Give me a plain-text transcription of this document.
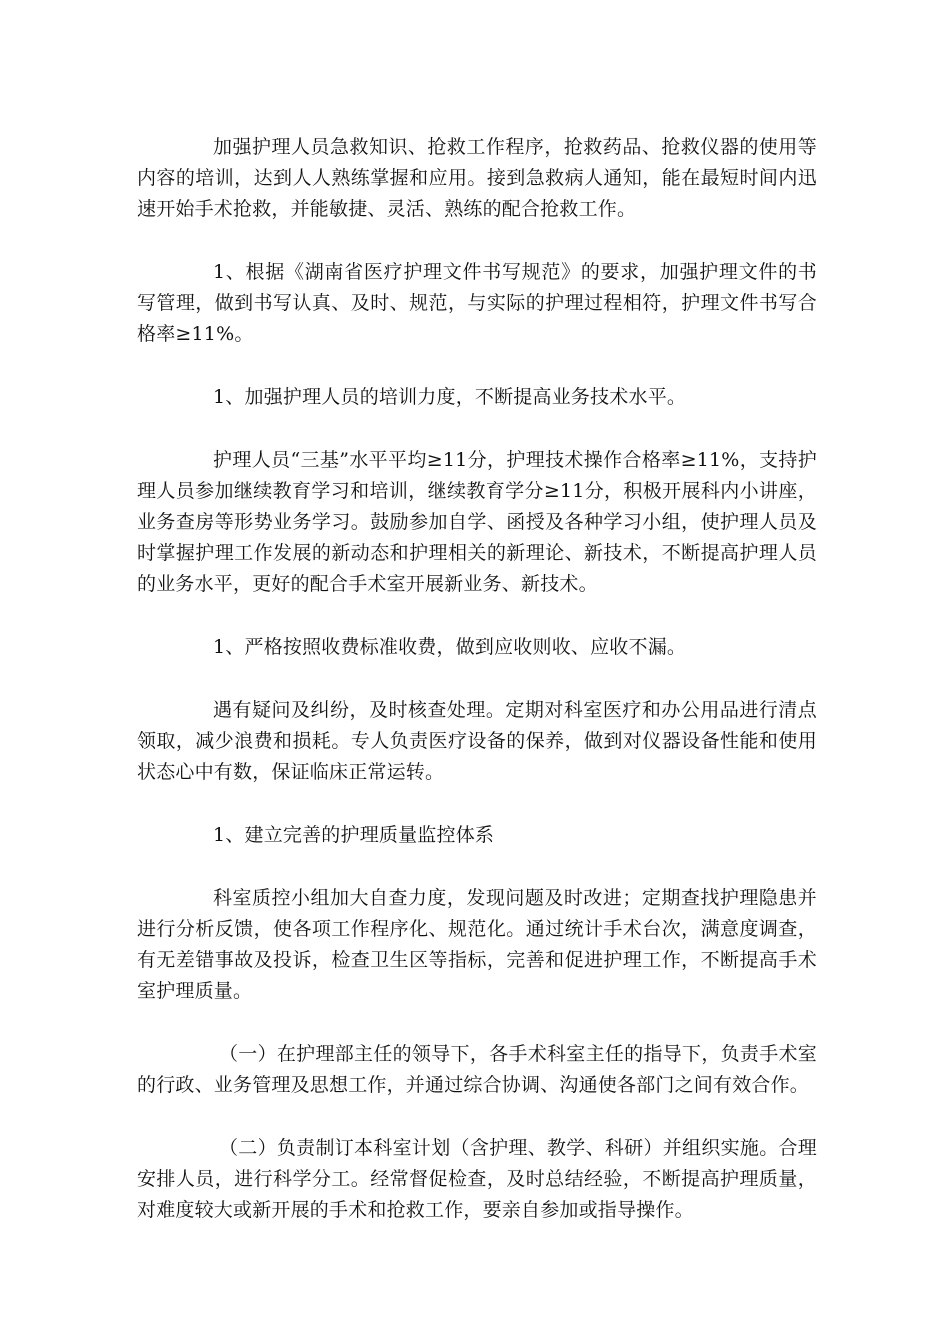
加强护理人员急救知识、抢救工作程序，抢救药品、抢救仪器的使用等内容的培训，达到人人熟练掌握和应用。接到急救病人通知，能在最短时间内迅速开始手术抢救，并能敏捷、灵活、熟练的配合抢救工作。

1、根据《湖南省医疗护理文件书写规范》的要求，加强护理文件的书写管理，做到书写认真、及时、规范，与实际的护理过程相符，护理文件书写合格率≥11%。

1、加强护理人员的培训力度，不断提高业务技术水平。

护理人员“三基”水平平均≥11分，护理技术操作合格率≥11%，支持护理人员参加继续教育学习和培训，继续教育学分≥11分，积极开展科内小讲座，业务查房等形势业务学习。鼓励参加自学、函授及各种学习小组，使护理人员及时掌握护理工作发展的新动态和护理相关的新理论、新技术，不断提高护理人员的业务水平，更好的配合手术室开展新业务、新技术。

1、严格按照收费标准收费，做到应收则收、应收不漏。

遇有疑问及纠纷，及时核查处理。定期对科室医疗和办公用品进行清点领取，减少浪费和损耗。专人负责医疗设备的保养，做到对仪器设备性能和使用状态心中有数，保证临床正常运转。

1、建立完善的护理质量监控体系

科室质控小组加大自查力度，发现问题及时改进；定期查找护理隐患并进行分析反馈，使各项工作程序化、规范化。通过统计手术台次，满意度调查，有无差错事故及投诉，检查卫生区等指标，完善和促进护理工作，不断提高手术室护理质量。

（一）在护理部主任的领导下，各手术科室主任的指导下，负责手术室的行政、业务管理及思想工作，并通过综合协调、沟通使各部门之间有效合作。

（二）负责制订本科室计划（含护理、教学、科研）并组织实施。合理安排人员，进行科学分工。经常督促检查，及时总结经验，不断提高护理质量，对难度较大或新开展的手术和抢救工作，要亲自参加或指导操作。
